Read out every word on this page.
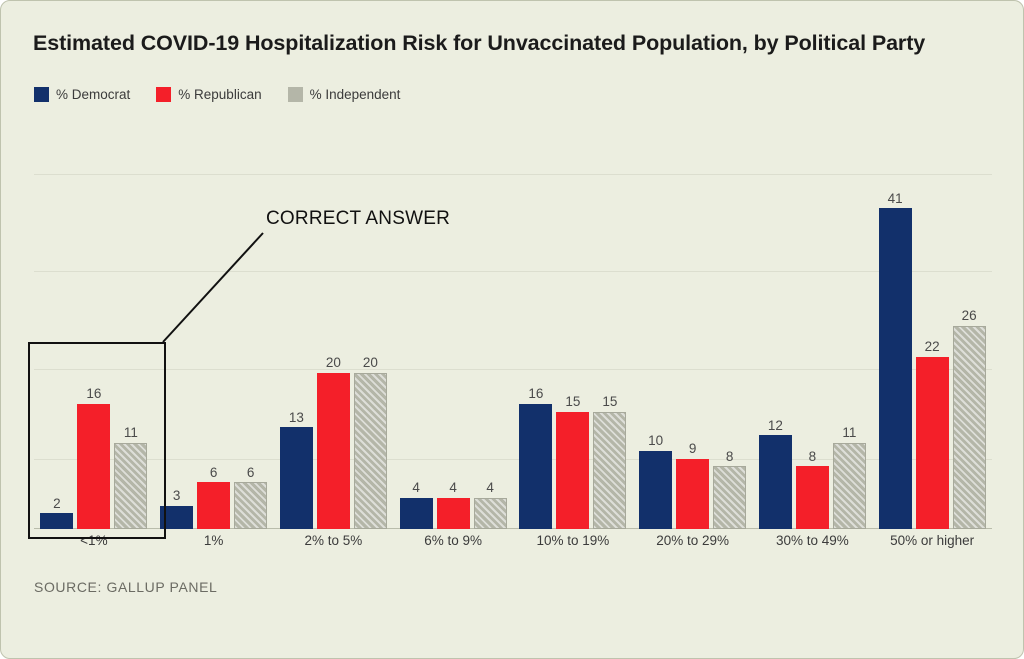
Estimated COVID-19 Hospitalization Risk for Unvaccinated Population, by Political Party
% Democrat	% Republican	% Independent
2
16
11
3
6 6
13
20 20
4 4 4
16
15 15
10
9
8
12
8
11
41
22
26
<1%	1%	2% to 5%	6% to 9%	10% to 19%	20% to 29%	30% to 49%	50% or higher
SOURCE: GALLUP PANEL
CORRECT ANSWER
